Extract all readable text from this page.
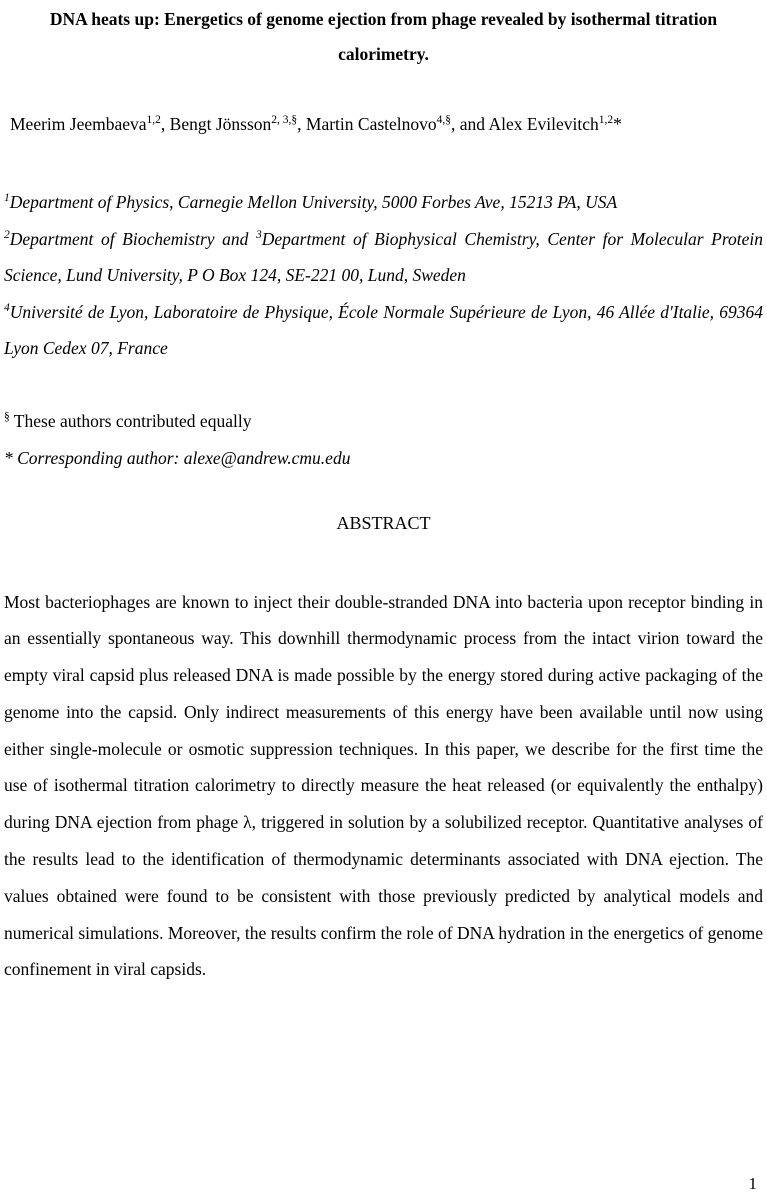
DNA heats up: Energetics of genome ejection from phage revealed by isothermal titration calorimetry.

Meerim Jeembaeva$^{1,2}$, Bengt Jönsson$^{2, 3,\S}$, Martin Castelnovo$^{4,\S}$, and Alex Evilevitch$^{1,2}$*

$^1$Department of Physics, Carnegie Mellon University, 5000 Forbes Ave, 15213 PA, USA

$^2$Department of Biochemistry and $^3$Department of Biophysical Chemistry, Center for Molecular Protein Science, Lund University, P O Box 124, SE-221 00, Lund, Sweden

$^4$Université de Lyon, Laboratoire de Physique, École Normale Supérieure de Lyon, 46 Allée d'Italie, 69364 Lyon Cedex 07, France

§ These authors contributed equally

* Corresponding author: alexe@andrew.cmu.edu

ABSTRACT

Most bacteriophages are known to inject their double-stranded DNA into bacteria upon receptor binding in an essentially spontaneous way. This downhill thermodynamic process from the intact virion toward the empty viral capsid plus released DNA is made possible by the energy stored during active packaging of the genome into the capsid. Only indirect measurements of this energy have been available until now using either single-molecule or osmotic suppression techniques. In this paper, we describe for the first time the use of isothermal titration calorimetry to directly measure the heat released (or equivalently the enthalpy) during DNA ejection from phage λ, triggered in solution by a solubilized receptor. Quantitative analyses of the results lead to the identification of thermodynamic determinants associated with DNA ejection. The values obtained were found to be consistent with those previously predicted by analytical models and numerical simulations. Moreover, the results confirm the role of DNA hydration in the energetics of genome confinement in viral capsids.

1
